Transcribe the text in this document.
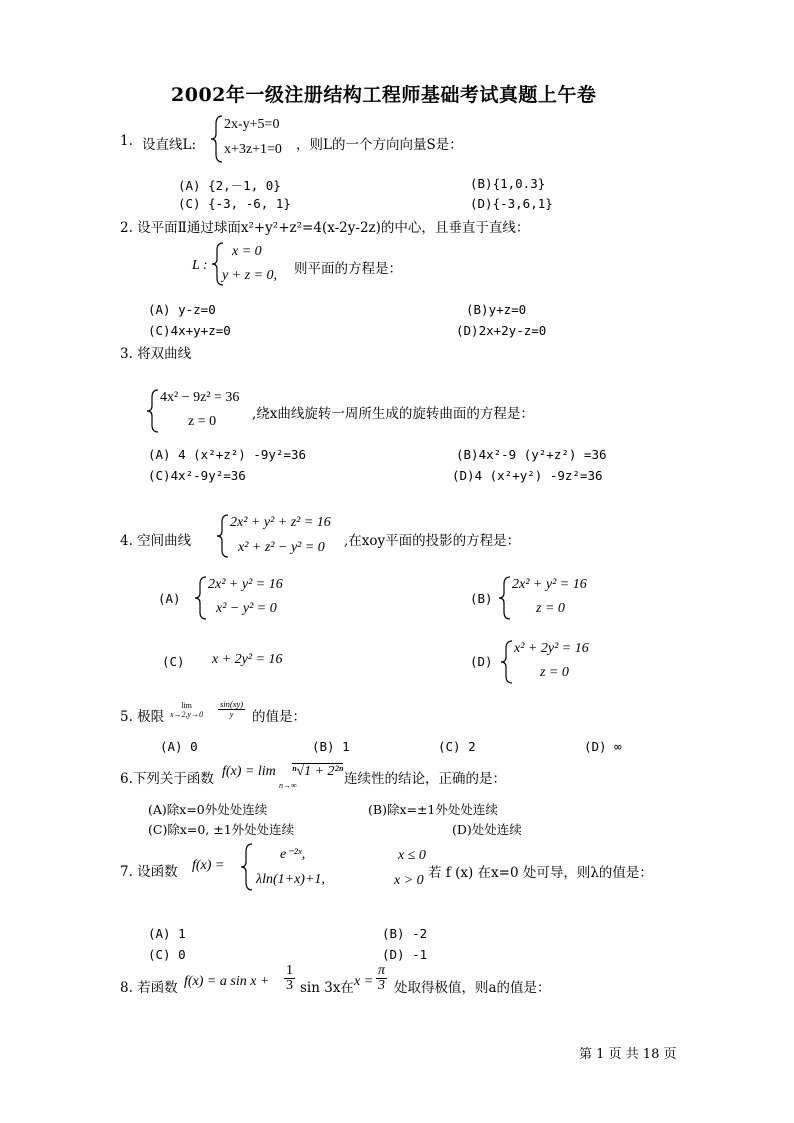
2002年一级注册结构工程师基础考试真题上午卷
1. 设直线L:
2x-y+5=0
x+3z+1=0 ，则L的一个方向向量S是：
(A) {2,－1, 0}	(B){1,0.3}
(C) {-3, -6, 1}	(D){-3,6,1}
2. 设平面Ⅱ通过球面x²+y²+z²=4(x-2y-2z)的中心，且垂直于直线：
L :
x = 0
y + z = 0, 则平面的方程是：
(A) y-z=0	(B)y+z=0
(C)4x+y+z=0	(D)2x+2y-z=0
3. 将双曲线
4x² − 9z² = 36
z = 0	,绕x曲线旋转一周所生成的旋转曲面的方程是：
(A) 4 (x²+z²) -9y²=36	(B)4x²-9 (y²+z²) =36
(C)4x²-9y²=36	(D)4 (x²+y²) -9z²=36
4. 空间曲线
2x² + y² + z² = 16
x² + z² − y² = 0 ,在xoy平面的投影的方程是：
(A)
2x² + y² = 16
x² − y² = 0
(B)
2x² + y² = 16
z = 0
(C) x + 2y² = 16	(D)
x² + 2y² = 16
z = 0
5. 极限
lim
$x\to 2,y\to 0 \frac{\sin(xy)}{y}$ 的值是：
(A) 0	(B) 1	(C) 2	(D) ∞
6.下列关于函数 f(x) = lim
n→∞
ⁿ√1 + 2²ⁿ 连续性的结论，正确的是：
(A)除x=0外处处连续	(B)除x=±1外处处连续
(C)除x=0, ±1外处处连续	(D)处处连续
7. 设函数 f(x) =
e⁻²ˣ,
λln(1+x)+1,
x ≤ 0
x > 0 若 f (x) 在x=0 处可导，则λ的值是：
(A) 1	(B) -2
(C) 0	(D) -1
8. 若函数 f(x) = a $\sin x + \frac{1}{3}$ sin 3x在 $x = \frac{\pi}{3}$ 处取得极值，则a的值是：
第 1 页 共 18 页
